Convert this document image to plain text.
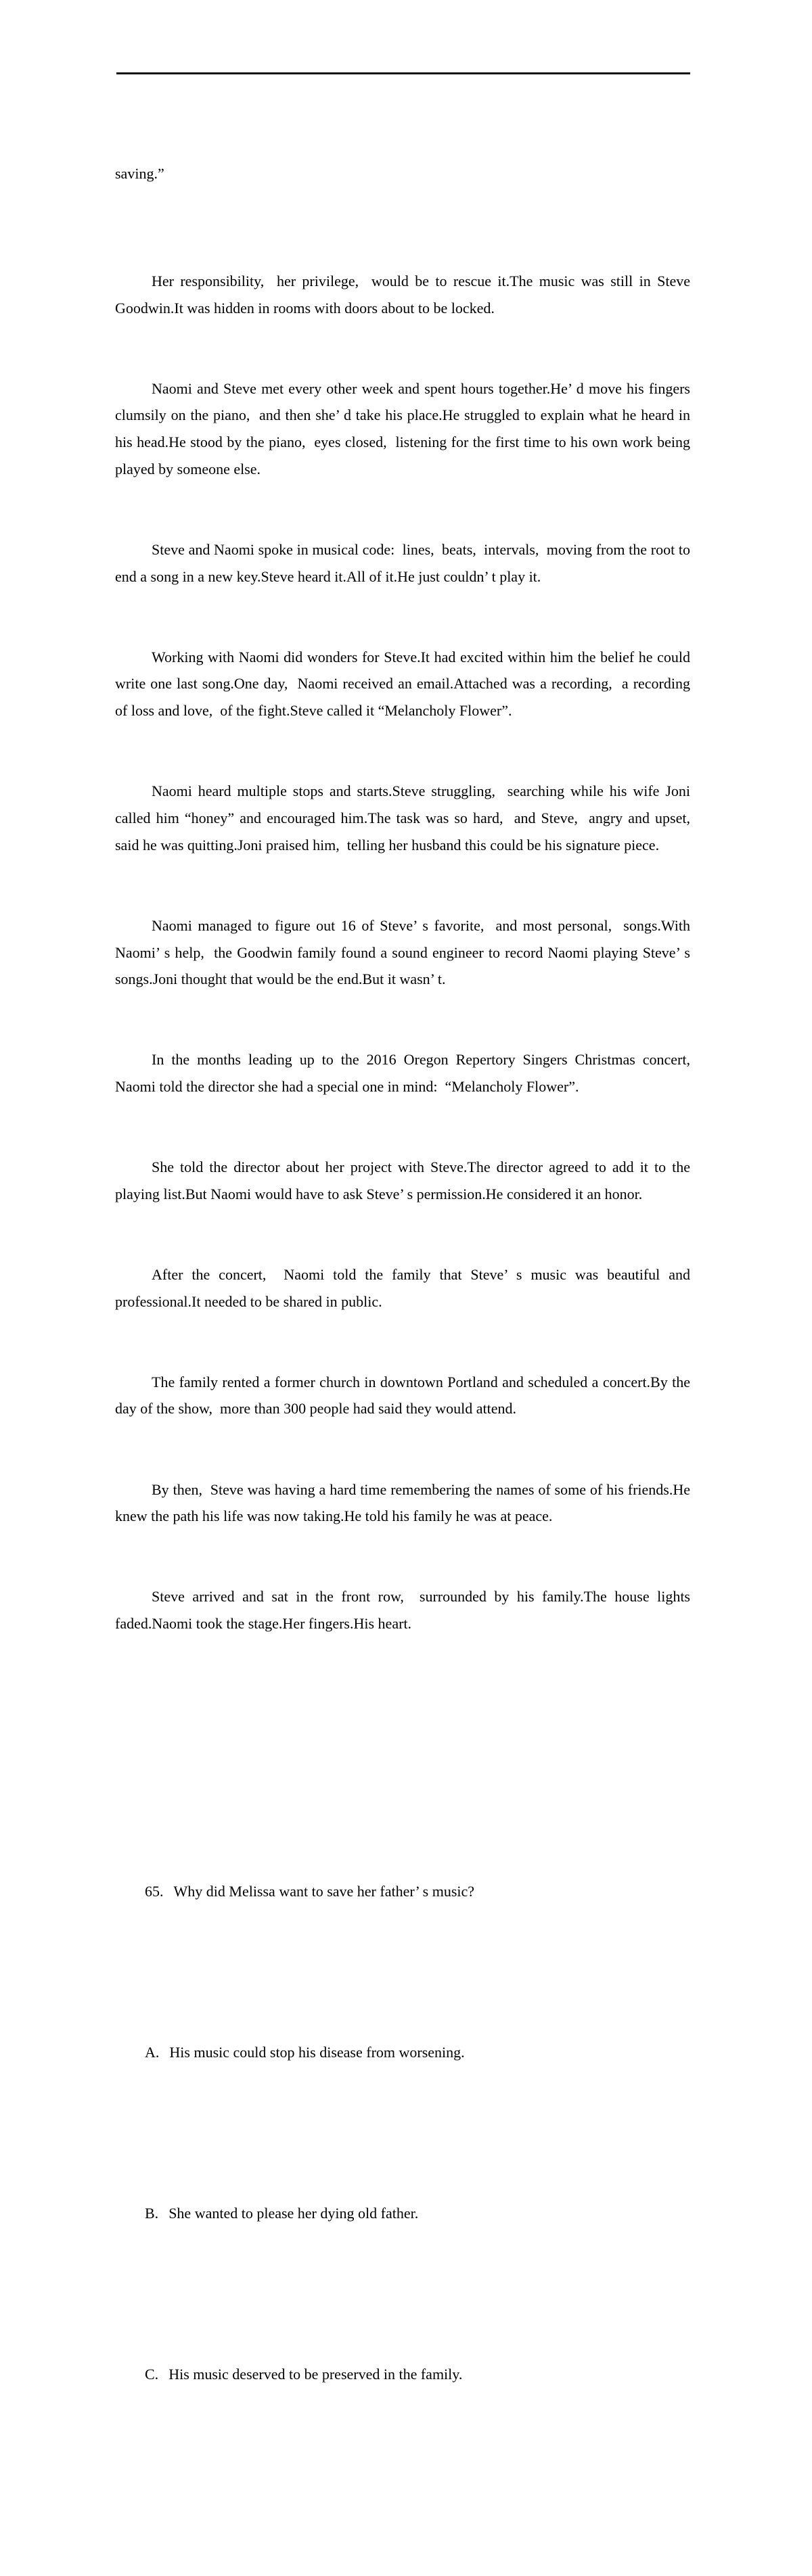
saving.”

Her responsibility,  her privilege,  would be to rescue it.The music was still in Steve Goodwin.It was hidden in rooms with doors about to be locked.

Naomi and Steve met every other week and spent hours together.He’ d move his fingers clumsily on the piano,  and then she’ d take his place.He struggled to explain what he heard in his head.He stood by the piano,  eyes closed,  listening for the first time to his own work being played by someone else.

Steve and Naomi spoke in musical code:  lines,  beats,  intervals,  moving from the root to end a song in a new key.Steve heard it.All of it.He just couldn’ t play it.

Working with Naomi did wonders for Steve.It had excited within him the belief he could write one last song.One day,  Naomi received an email.Attached was a recording,  a recording of loss and love,  of the fight.Steve called it “Melancholy Flower”.

Naomi heard multiple stops and starts.Steve struggling,  searching while his wife Joni called him “honey” and encouraged him.The task was so hard,  and Steve,  angry and upset,  said he was quitting.Joni praised him,  telling her husband this could be his signature piece.

Naomi managed to figure out 16 of Steve’ s favorite,  and most personal,  songs.With Naomi’ s help,  the Goodwin family found a sound engineer to record Naomi playing Steve’ s songs.Joni thought that would be the end.But it wasn’ t.

In the months leading up to the 2016 Oregon Repertory Singers Christmas concert,  Naomi told the director she had a special one in mind:  “Melancholy Flower”.

She told the director about her project with Steve.The director agreed to add it to the playing list.But Naomi would have to ask Steve’ s permission.He considered it an honor.

After the concert,  Naomi told the family that Steve’ s music was beautiful and professional.It needed to be shared in public.

The family rented a former church in downtown Portland and scheduled a concert.By the day of the show,  more than 300 people had said they would attend.

By then,  Steve was having a hard time remembering the names of some of his friends.He knew the path his life was now taking.He told his family he was at peace.

Steve arrived and sat in the front row,  surrounded by his family.The house lights faded.Naomi took the stage.Her fingers.His heart.

65. Why did Melissa want to save her father’ s music?

A. His music could stop his disease from worsening.

B. She wanted to please her dying old father.

C. His music deserved to be preserved in the family.
